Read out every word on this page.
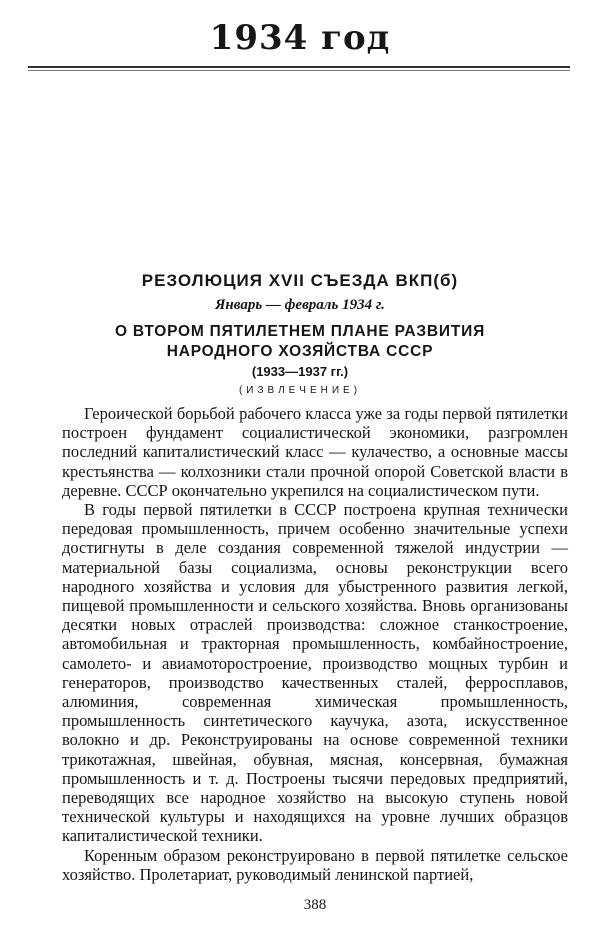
1934 год
РЕЗОЛЮЦИЯ XVII СЪЕЗДА ВКП(б)
Январь — февраль 1934 г.
О ВТОРОМ ПЯТИЛЕТНЕМ ПЛАНЕ РАЗВИТИЯ
НАРОДНОГО ХОЗЯЙСТВА СССР
(1933—1937 гг.)
(ИЗВЛЕЧЕНИЕ)

Героической борьбой рабочего класса уже за годы первой пятилетки построен фундамент социалистической экономики, разгромлен последний капиталистический класс — кулачество, а основные массы крестьянства — колхозники стали прочной опорой Советской власти в деревне. СССР окончательно укрепился на социалистическом пути.

В годы первой пятилетки в СССР построена крупная технически передовая промышленность, причем особенно значительные успехи достигнуты в деле создания современной тяжелой индустрии — материальной базы социализма, основы реконструкции всего народного хозяйства и условия для убыстренного развития легкой, пищевой промышленности и сельского хозяйства. Вновь организованы десятки новых отраслей производства: сложное станкостроение, автомобильная и тракторная промышленность, комбайностроение, самолето- и авиамоторостроение, производство мощных турбин и генераторов, производство качественных сталей, ферросплавов, алюминия, современная химическая промышленность, промышленность синтетического каучука, азота, искусственное волокно и др. Реконструированы на основе современной техники трикотажная, швейная, обувная, мясная, консервная, бумажная промышленность и т. д. Построены тысячи передовых предприятий, переводящих все народное хозяйство на высокую ступень новой технической культуры и находящихся на уровне лучших образцов капиталистической техники.

Коренным образом реконструировано в первой пятилетке сельское хозяйство. Пролетариат, руководимый ленинской партией,

388
